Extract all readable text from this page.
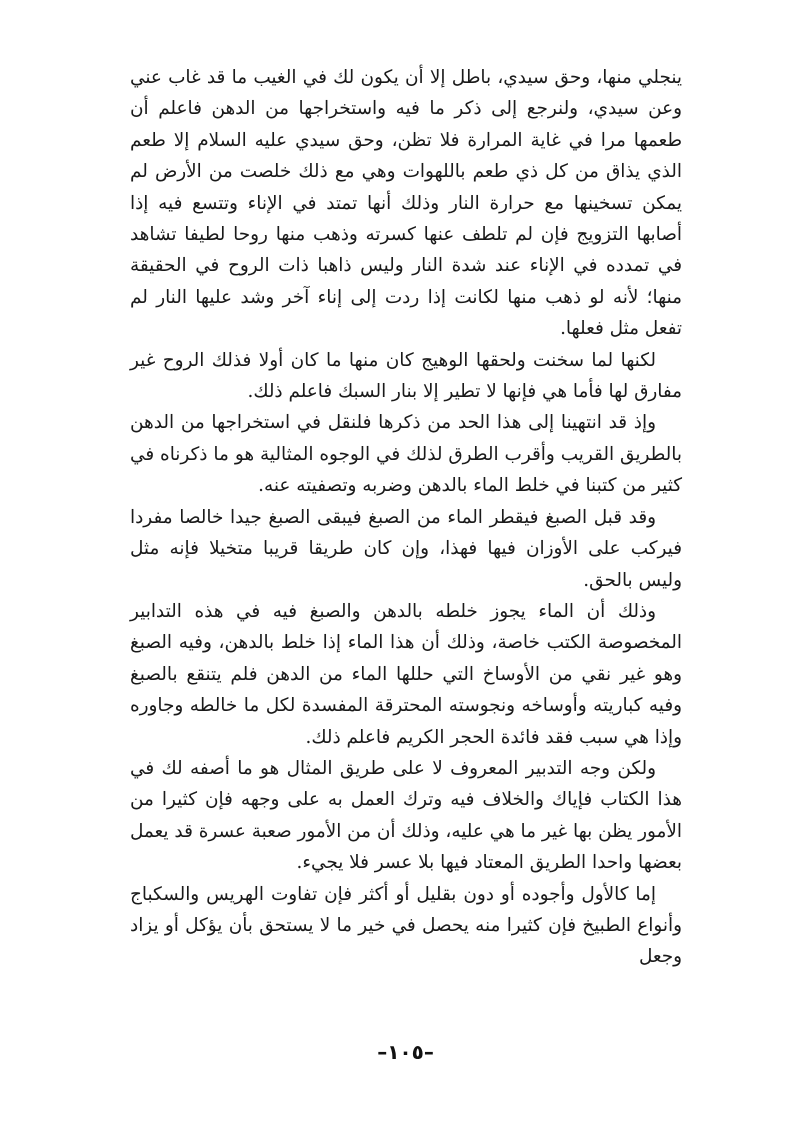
ينجلي منها، وحق سيدي، باطل إلا أن يكون لك في الغيب ما قد غاب عني وعن سيدي، ولنرجع إلى ذكر ما فيه واستخراجها من الدهن فاعلم أن طعمها مرا في غاية المرارة فلا تظن، وحق سيدي عليه السلام إلا طعم الذي يذاق من كل ذي طعم باللهوات وهي مع ذلك خلصت من الأرض لم يمكن تسخينها مع حرارة النار وذلك أنها تمتد في الإناء وتتسع فيه إذا أصابها التزويج فإن لم تلطف عنها كسرته وذهب منها روحا لطيفا تشاهد في تمدده في الإناء عند شدة النار وليس ذاهبا ذات الروح في الحقيقة منها؛ لأنه لو ذهب منها لكانت إذا ردت إلى إناء آخر وشد عليها النار لم تفعل مثل فعلها.

لكنها لما سخنت ولحقها الوهيج كان منها ما كان أولا فذلك الروح غير مفارق لها فأما هي فإنها لا تطير إلا بنار السبك فاعلم ذلك.

وإذ قد انتهينا إلى هذا الحد من ذكرها فلنقل في استخراجها من الدهن بالطريق القريب وأقرب الطرق لذلك في الوجوه المثالية هو ما ذكرناه في كثير من كتبنا في خلط الماء بالدهن وضربه وتصفيته عنه.

وقد قبل الصبغ فيقطر الماء من الصبغ فيبقى الصبغ جيدا خالصا مفردا فيركب على الأوزان فيها فهذا، وإن كان طريقا قريبا متخيلا فإنه مثل وليس بالحق.

وذلك أن الماء يجوز خلطه بالدهن والصبغ فيه في هذه التدابير المخصوصة الكتب خاصة، وذلك أن هذا الماء إذا خلط بالدهن، وفيه الصبغ وهو غير نقي من الأوساخ التي حللها الماء من الدهن فلم يتنقع بالصبغ وفيه كباريته وأوساخه ونجوسته المحترقة المفسدة لكل ما خالطه وجاوره وإذا هي سبب فقد فائدة الحجر الكريم فاعلم ذلك.

ولكن وجه التدبير المعروف لا على طريق المثال هو ما أصفه لك في هذا الكتاب فإياك والخلاف فيه وترك العمل به على وجهه فإن كثيرا من الأمور يظن بها غير ما هي عليه، وذلك أن من الأمور صعبة عسرة قد يعمل بعضها واحدا الطريق المعتاد فيها بلا عسر فلا يجيء.

إما كالأول وأجوده أو دون بقليل أو أكثر فإن تفاوت الهريس والسكباج وأنواع الطبيخ فإن كثيرا منه يحصل في خير ما لا يستحق بأن يؤكل أو يزاد وجعل

–١٠٥–
